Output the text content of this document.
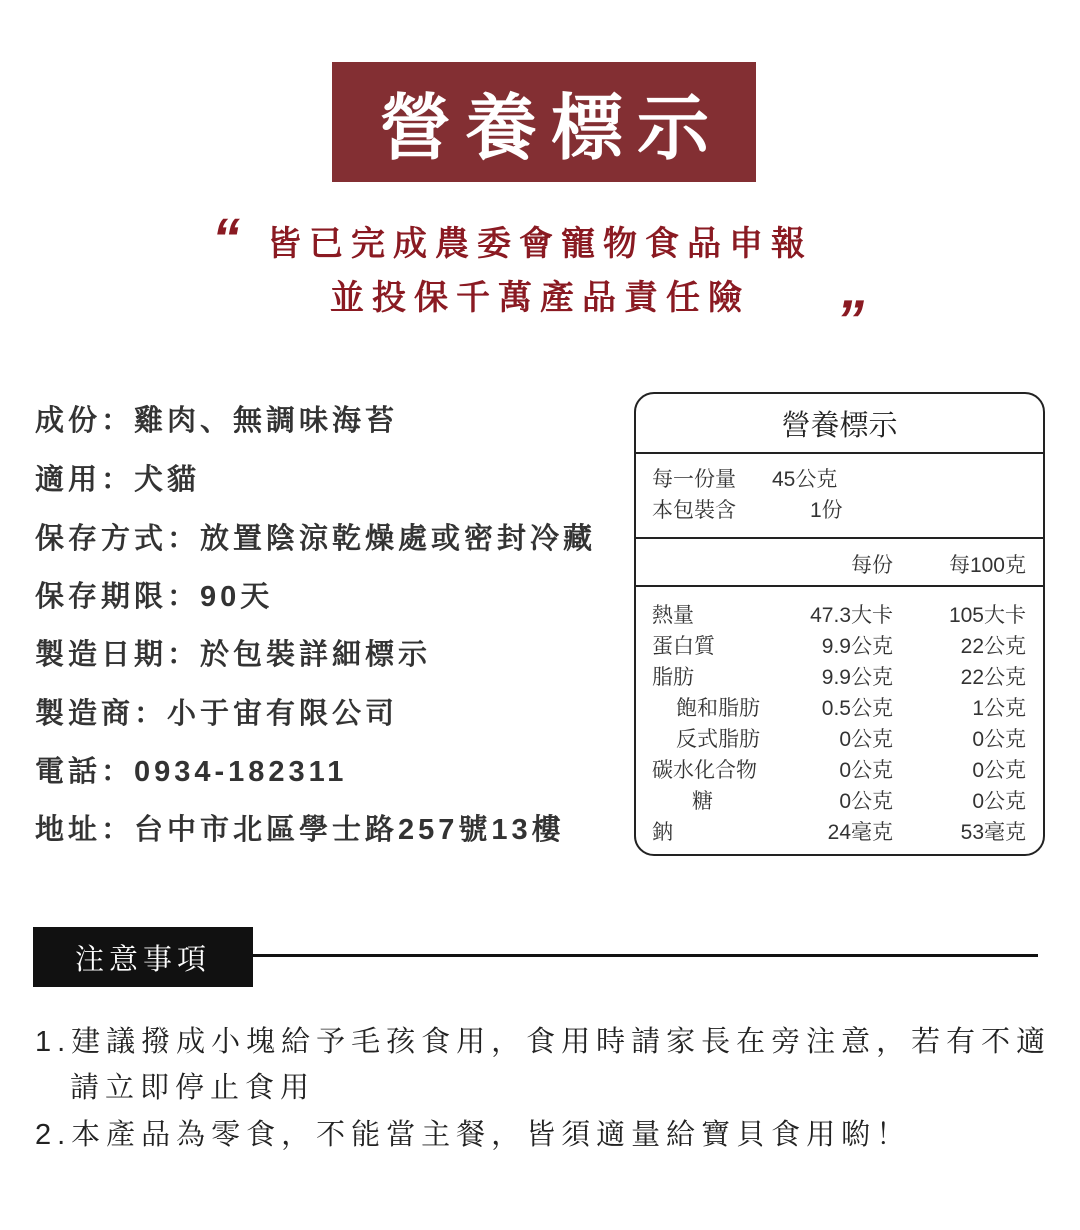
營養標示
“
”
皆已完成農委會寵物食品申報
並投保千萬產品責任險
成份：雞肉、無調味海苔
適用：犬貓
保存方式：放置陰涼乾燥處或密封冷藏
保存期限：90天
製造日期：於包裝詳細標示
製造商：小于宙有限公司
電話：0934-182311
地址：台中市北區學士路257號13樓
營養標示
每一份量 45公克
本包裝含	1份
每份	每100克
熱量	47.3大卡	105大卡
蛋白質	9.9公克	22公克
脂肪	9.9公克	22公克
飽和脂肪	0.5公克	1公克
反式脂肪	0公克	0公克
碳水化合物	0公克	0公克
糖	0公克	0公克
鈉	24毫克	53毫克
注意事項
1.建議撥成小塊給予毛孩食用，食用時請家長在旁注意，若有不適
　請立即停止食用
2.本產品為零食，不能當主餐，皆須適量給寶貝食用喲！
